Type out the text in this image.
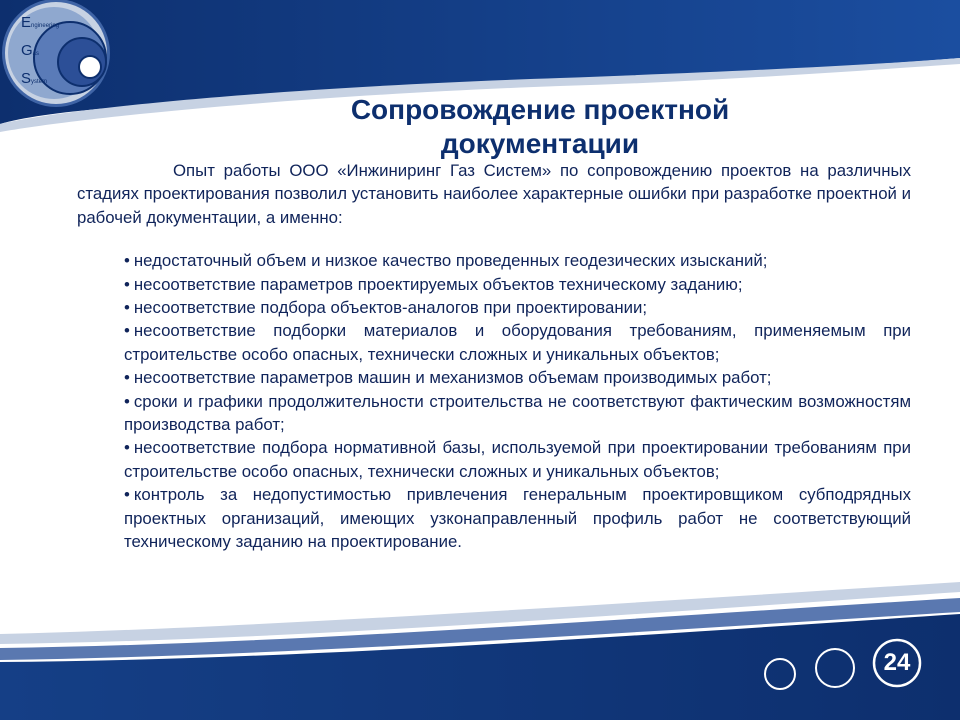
E ngineering
G as
S ystem
Сопровождение проектной
документации

Опыт работы ООО «Инжиниринг Газ Систем» по сопровождению проектов на различных стадиях проектирования позволил установить наиболее характерные ошибки при разработке проектной и рабочей документации, а именно:

• недостаточный объем и низкое качество проведенных геодезических изысканий;
• несоответствие параметров проектируемых объектов техническому заданию;
• несоответствие подбора объектов-аналогов при проектировании;
• несоответствие подборки материалов и оборудования требованиям, применяемым при строительстве особо опасных, технически сложных и уникальных объектов;
• несоответствие параметров машин и механизмов объемам производимых работ;
• сроки и графики продолжительности строительства не соответствуют фактическим возможностям производства работ;
• несоответствие подбора нормативной базы, используемой при проектировании требованиям при строительстве особо опасных, технически сложных и уникальных объектов;
• контроль за недопустимостью привлечения генеральным проектировщиком субподрядных проектных организаций, имеющих узконаправленный профиль работ не соответствующий техническому заданию на проектирование.
24
